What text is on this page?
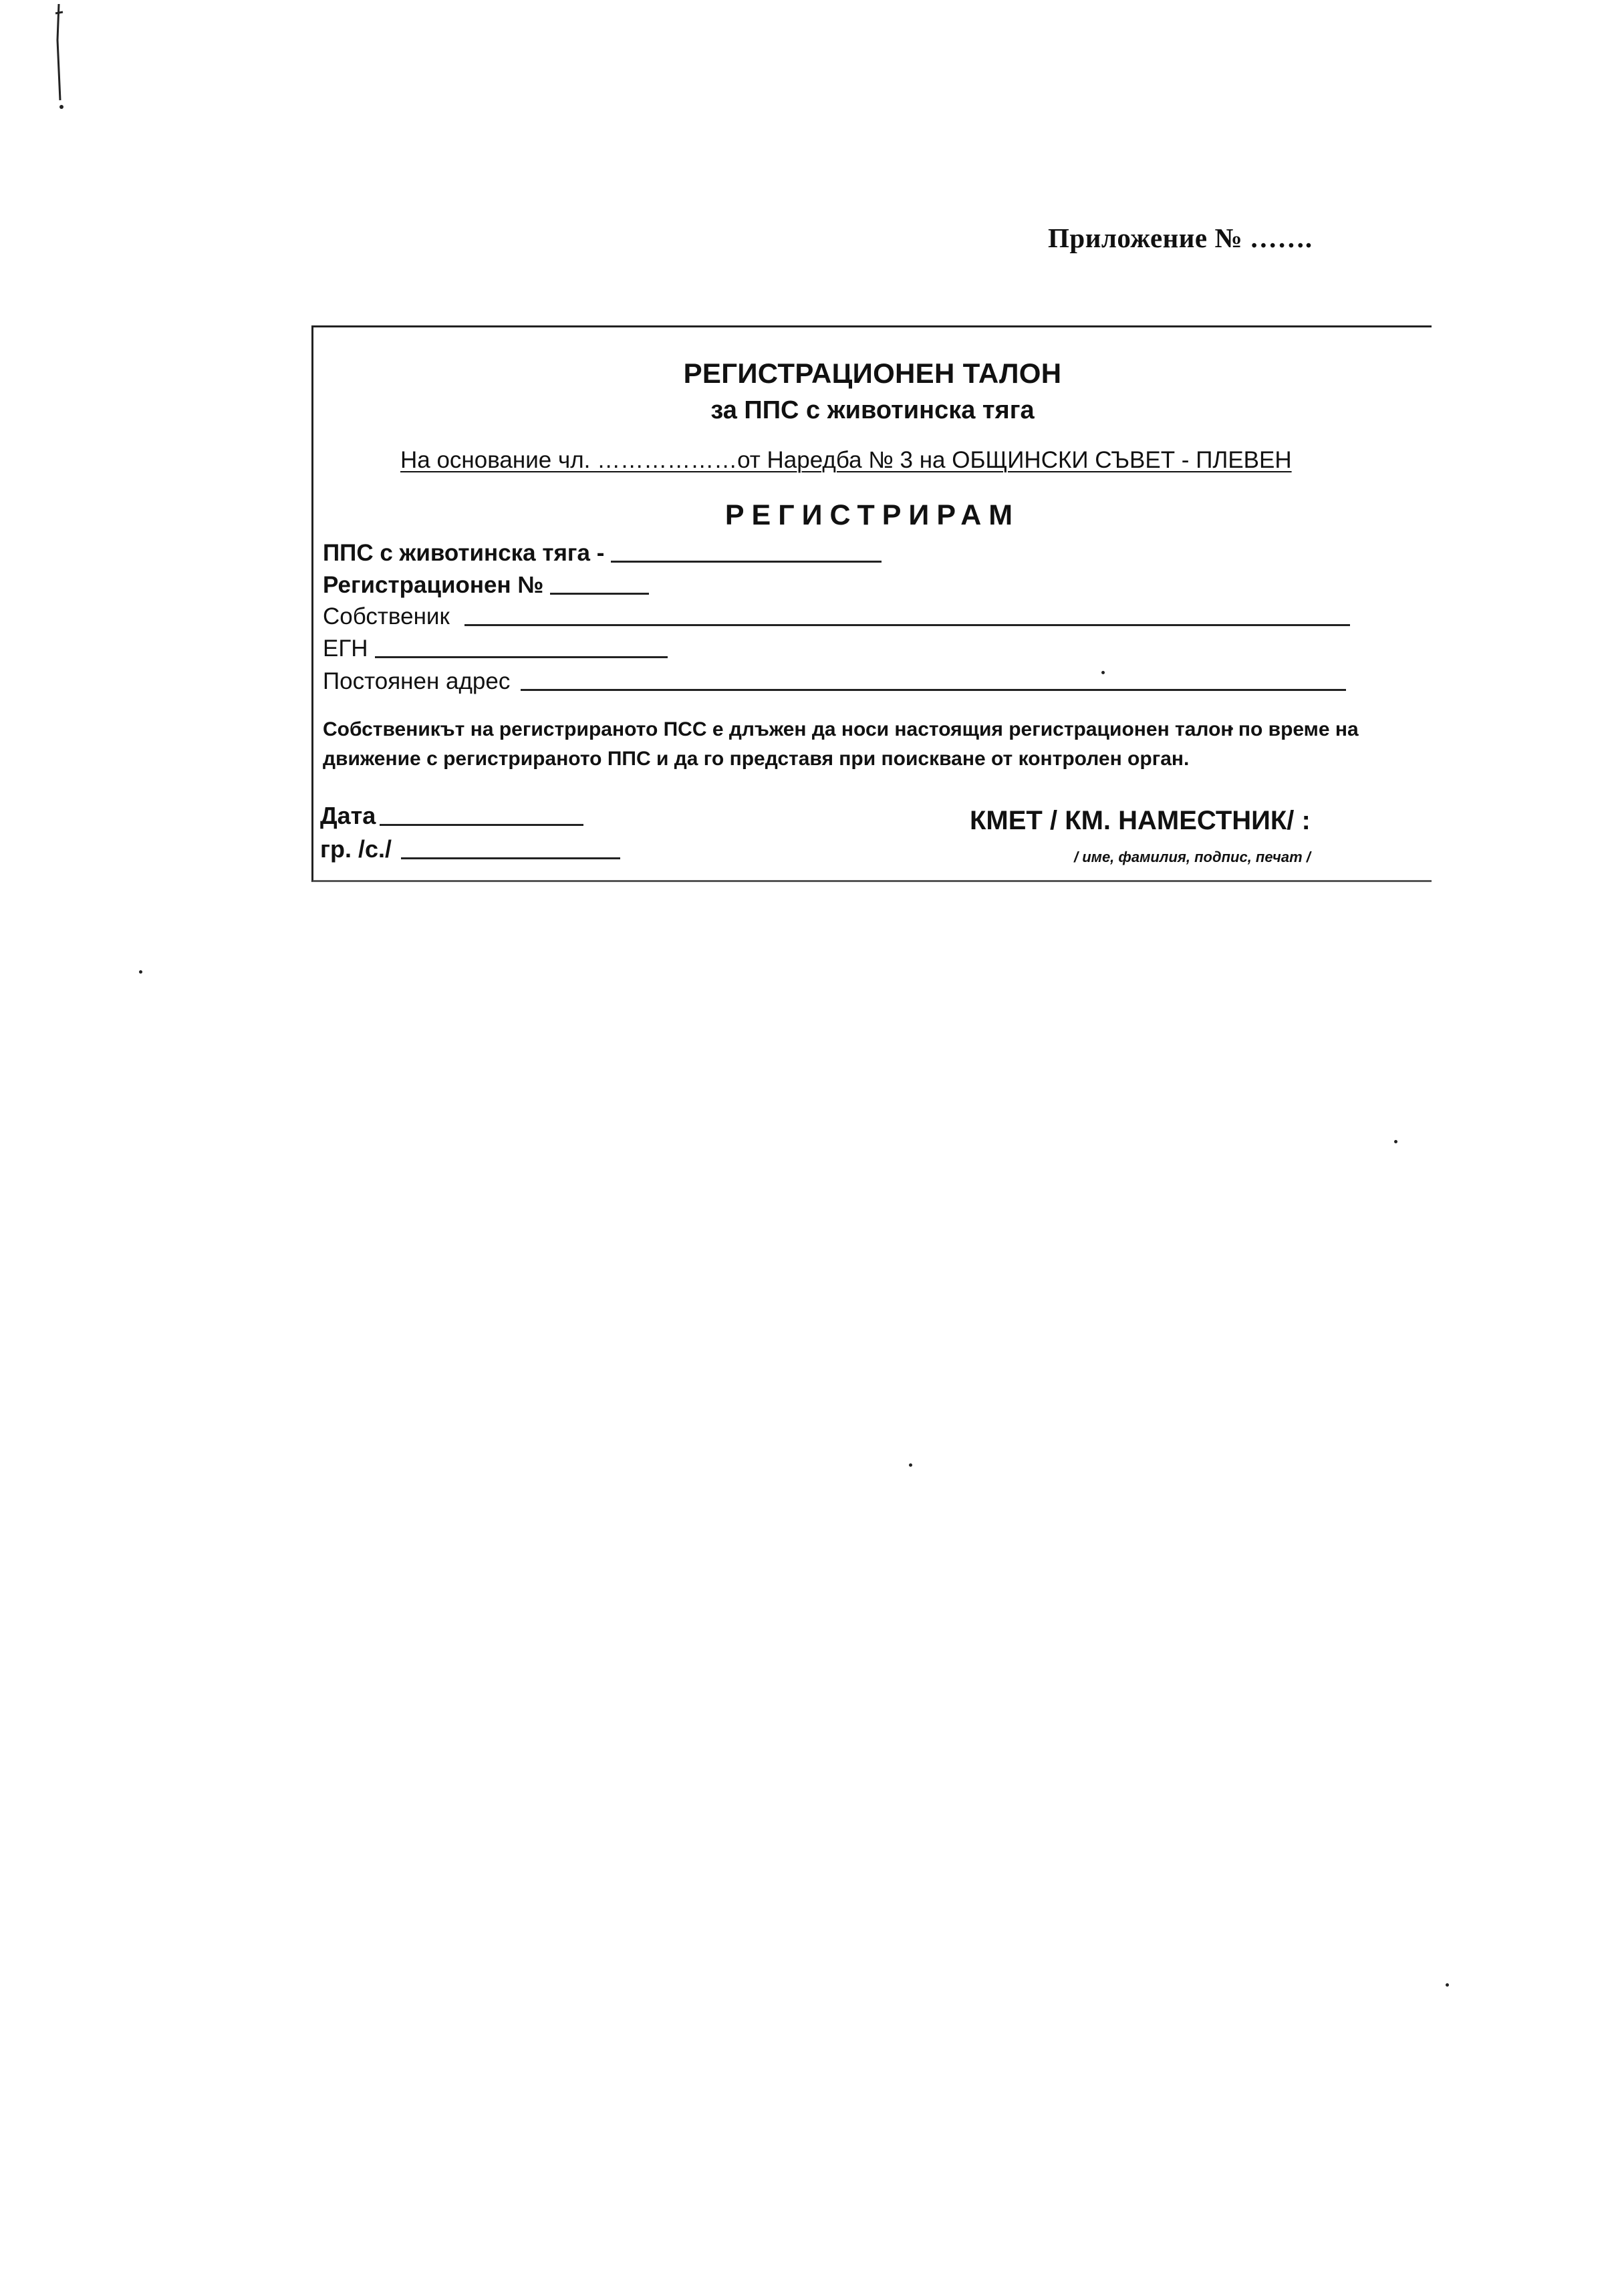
Приложение № …….
РЕГИСТРАЦИОНЕН ТАЛОН
за ППС с животинска тяга
На основание чл. ………………от Наредба № 3 на ОБЩИНСКИ СЪВЕТ - ПЛЕВЕН
РЕГИСТРИРАМ
ППС с животинска тяга -
Регистрационен №
Собственик
ЕГН
Постоянен адрес
Собственикът на регистрираното ПСС е длъжен да носи настоящия регистрационен талон по време на движение с регистрираното ППС и да го представя при поискване от контролен орган.
Дата
гр. /с./
КМЕТ / КМ. НАМЕСТНИК/ :
/ име, фамилия, подпис, печат /
